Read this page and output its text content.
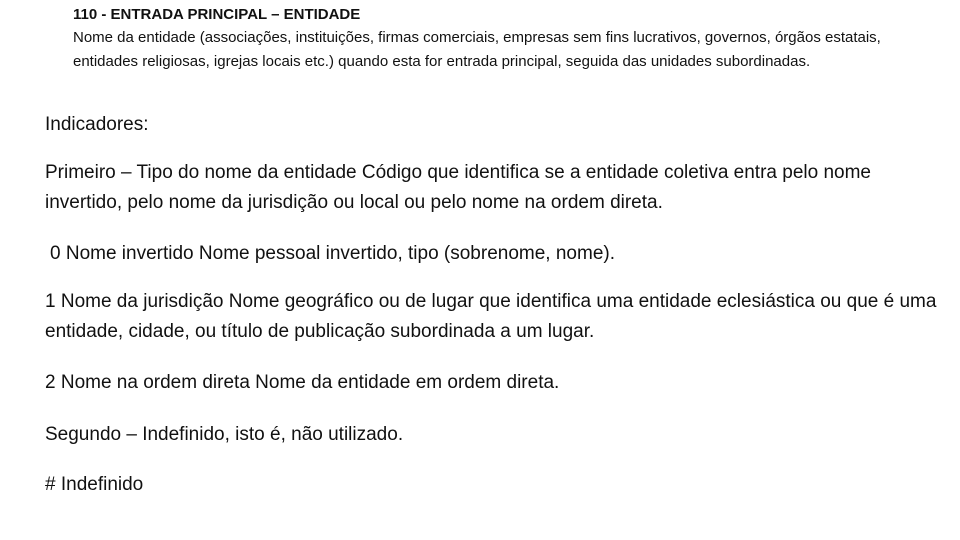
110 - ENTRADA PRINCIPAL – ENTIDADE
Nome da entidade (associações, instituições, firmas comerciais, empresas sem fins lucrativos, governos, órgãos estatais, entidades religiosas, igrejas locais etc.) quando esta for entrada principal, seguida das unidades subordinadas.

Indicadores:

Primeiro – Tipo do nome da entidade Código que identifica se a entidade coletiva entra pelo nome invertido, pelo nome da jurisdição ou local ou pelo nome na ordem direta.

0 Nome invertido Nome pessoal invertido, tipo (sobrenome, nome).

1 Nome da jurisdição Nome geográfico ou de lugar que identifica uma entidade eclesiástica ou que é uma entidade, cidade, ou título de publicação subordinada a um lugar.

2 Nome na ordem direta Nome da entidade em ordem direta.

Segundo – Indefinido, isto é, não utilizado.

# Indefinido
